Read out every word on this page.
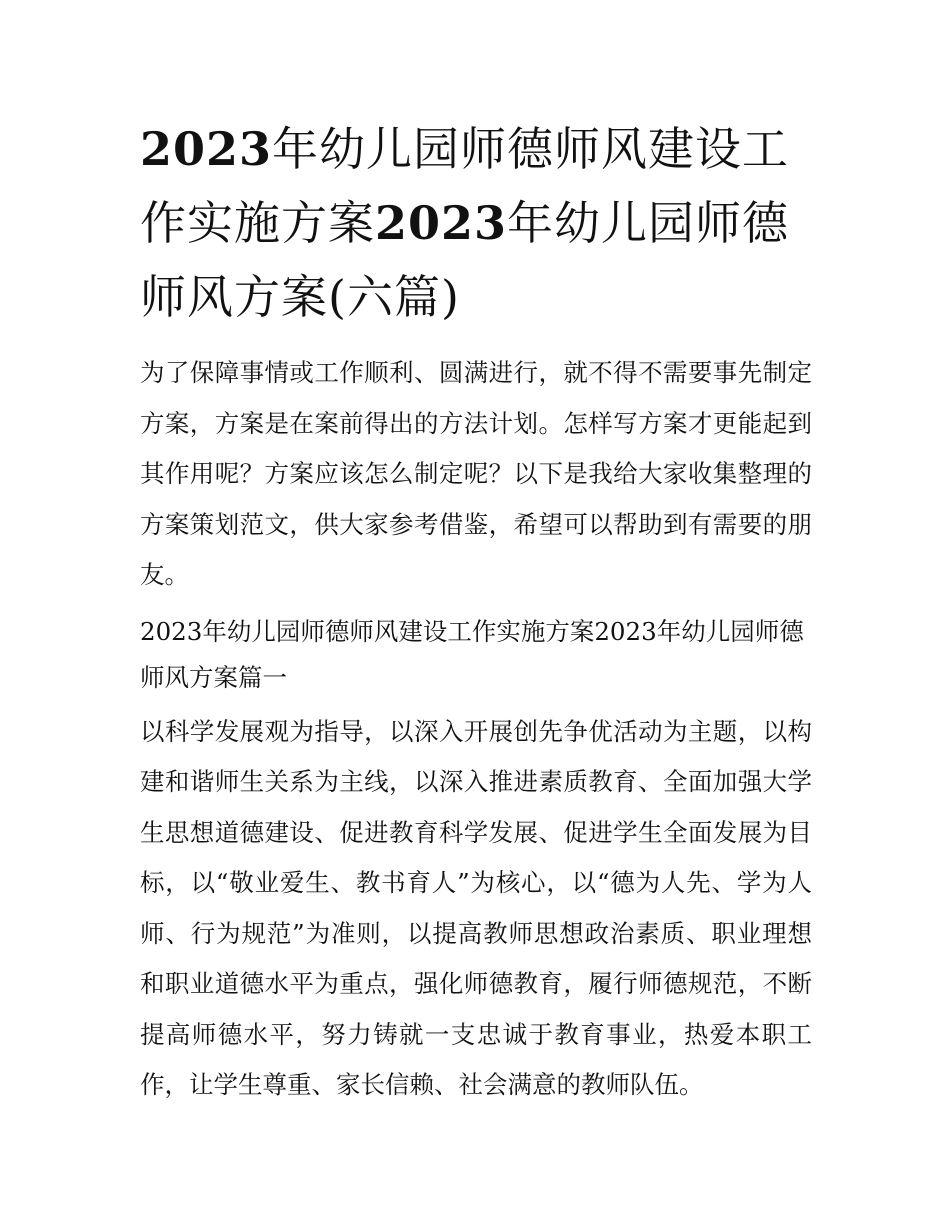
2023年幼儿园师德师风建设工作实施方案2023年幼儿园师德师风方案(六篇)

为了保障事情或工作顺利、圆满进行，就不得不需要事先制定方案，方案是在案前得出的方法计划。怎样写方案才更能起到其作用呢？方案应该怎么制定呢？以下是我给大家收集整理的方案策划范文，供大家参考借鉴，希望可以帮助到有需要的朋友。

2023年幼儿园师德师风建设工作实施方案2023年幼儿园师德师风方案篇一

以科学发展观为指导，以深入开展创先争优活动为主题，以构建和谐师生关系为主线，以深入推进素质教育、全面加强大学生思想道德建设、促进教育科学发展、促进学生全面发展为目标，以“敬业爱生、教书育人”为核心，以“德为人先、学为人师、行为规范”为准则，以提高教师思想政治素质、职业理想和职业道德水平为重点，强化师德教育，履行师德规范，不断提高师德水平，努力铸就一支忠诚于教育事业，热爱本职工作，让学生尊重、家长信赖、社会满意的教师队伍。
